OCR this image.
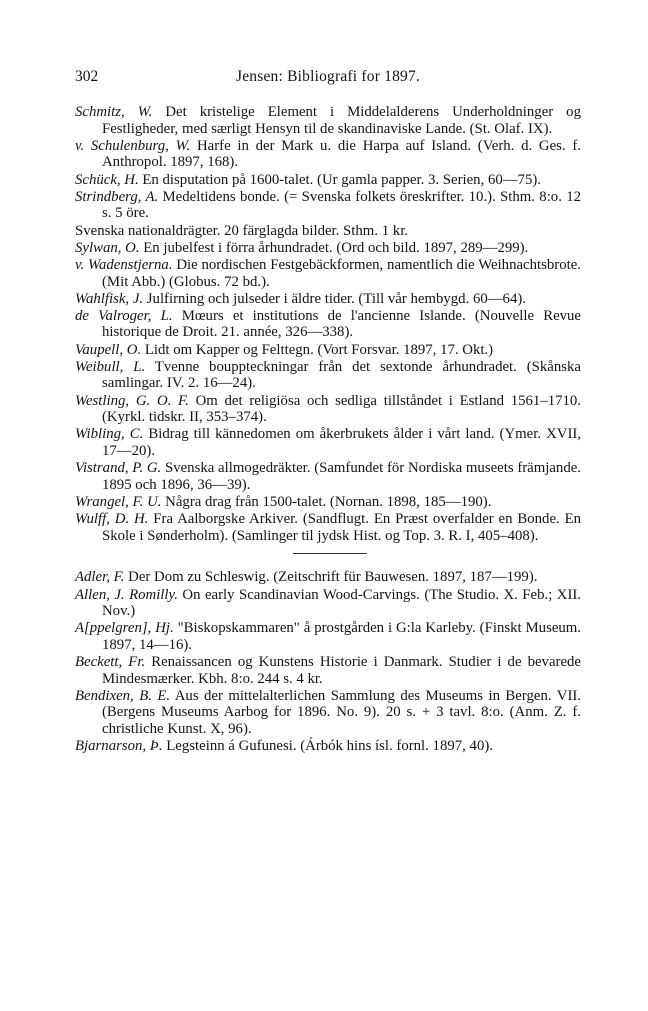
302	Jensen: Bibliografi for 1897.
Schmitz, W. Det kristelige Element i Middelalderens Underholdninger og Festligheder, med særligt Hensyn til de skandinaviske Lande. (St. Olaf. IX).
v. Schulenburg, W. Harfe in der Mark u. die Harpa auf Island. (Verh. d. Ges. f. Anthropol. 1897, 168).
Schück, H. En disputation på 1600-talet. (Ur gamla papper. 3. Serien, 60—75).
Strindberg, A. Medeltidens bonde. (= Svenska folkets öreskrifter. 10.). Sthm. 8:o. 12 s. 5 öre.
Svenska nationaldrägter. 20 färglagda bilder. Sthm. 1 kr.
Sylwan, O. En jubelfest i förra århundradet. (Ord och bild. 1897, 289—299).
v. Wadenstjerna. Die nordischen Festgebäckformen, namentlich die Weihnachtsbrote. (Mit Abb.) (Globus. 72 bd.).
Wahlfisk, J. Julfirning och julseder i äldre tider. (Till vår hembygd. 60—64).
de Valroger, L. Mœurs et institutions de l'ancienne Islande. (Nouvelle Revue historique de Droit. 21. année, 326—338).
Vaupell, O. Lidt om Kapper og Felttegn. (Vort Forsvar. 1897, 17. Okt.)
Weibull, L. Tvenne bouppteckningar från det sextonde århundradet. (Skånska samlingar. IV. 2. 16—24).
Westling, G. O. F. Om det religiösa och sedliga tillståndet i Estland 1561–1710. (Kyrkl. tidskr. II, 353–374).
Wibling, C. Bidrag till kännedomen om åkerbrukets ålder i vårt land. (Ymer. XVII, 17—20).
Vistrand, P. G. Svenska allmogedräkter. (Samfundet för Nordiska museets främjande. 1895 och 1896, 36—39).
Wrangel, F. U. Några drag från 1500-talet. (Nornan. 1898, 185—190).
Wulff, D. H. Fra Aalborgske Arkiver. (Sandflugt. En Præst overfalder en Bonde. En Skole i Sønderholm). (Samlinger til jydsk Hist. og Top. 3. R. I, 405–408).
Adler, F. Der Dom zu Schleswig. (Zeitschrift für Bauwesen. 1897, 187—199).
Allen, J. Romilly. On early Scandinavian Wood-Carvings. (The Studio. X. Feb.; XII. Nov.)
A[ppelgren], Hj. "Biskopskammaren" å prostgården i G:la Karleby. (Finskt Museum. 1897, 14—16).
Beckett, Fr. Renaissancen og Kunstens Historie i Danmark. Studier i de bevarede Mindesmærker. Kbh. 8:o. 244 s. 4 kr.
Bendixen, B. E. Aus der mittelalterlichen Sammlung des Museums in Bergen. VII. (Bergens Museums Aarbog for 1896. No. 9). 20 s. + 3 tavl. 8:o. (Anm. Z. f. christliche Kunst. X, 96).
Bjarnarson, Þ. Legsteinn á Gufunesi. (Árbók hins ísl. fornl. 1897, 40).
